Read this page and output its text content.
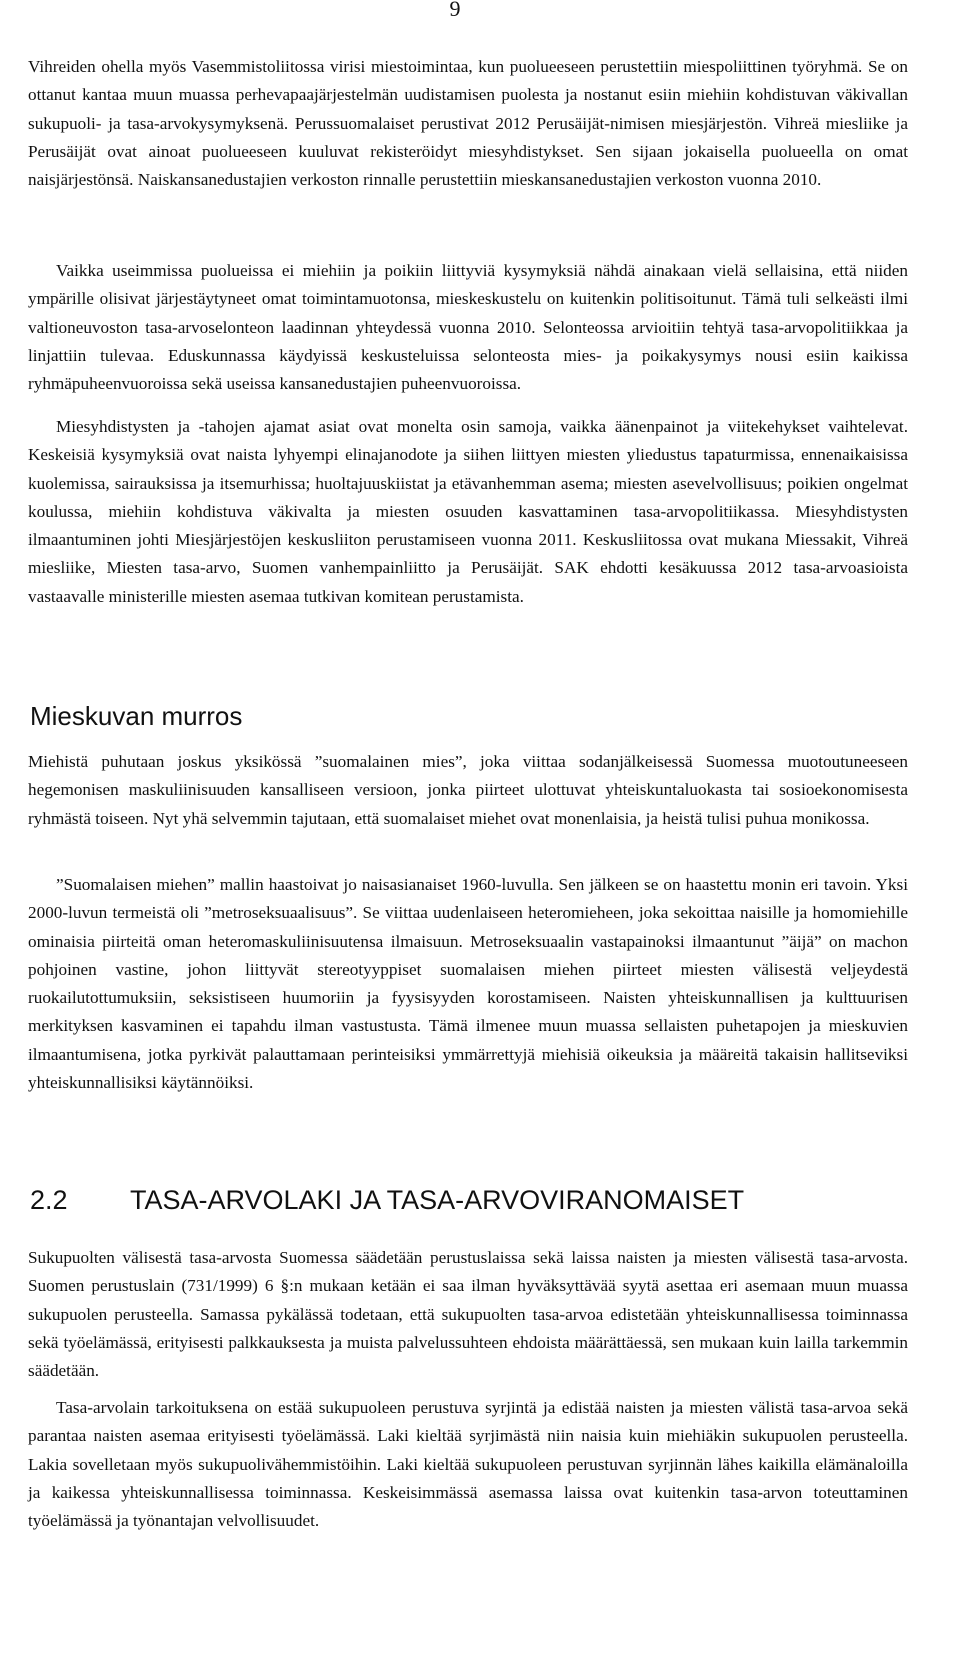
9

Vihreiden ohella myös Vasemmistoliitossa virisi miestoimintaa, kun puolueeseen perustettiin miespoliittinen työryhmä. Se on ottanut kantaa muun muassa perhevapaajärjestelmän uudistamisen puolesta ja nostanut esiin miehiin kohdistuvan väkivallan sukupuoli- ja tasa-arvokysymyksenä. Perussuomalaiset perustivat 2012 Perusäijät-nimisen miesjärjestön. Vihreä miesliike ja Perusäijät ovat ainoat puolueeseen kuuluvat rekisteröidyt miesyhdistykset. Sen sijaan jokaisella puolueella on omat naisjärjestönsä. Naiskansanedustajien verkoston rinnalle perustettiin mieskansanedustajien verkoston vuonna 2010.

Vaikka useimmissa puolueissa ei miehiin ja poikiin liittyviä kysymyksiä nähdä ainakaan vielä sellaisina, että niiden ympärille olisivat järjestäytyneet omat toimintamuotonsa, mieskeskustelu on kuitenkin politisoitunut. Tämä tuli selkeästi ilmi valtioneuvoston tasa-arvoselonteon laadinnan yhteydessä vuonna 2010. Selonteossa arvioitiin tehtyä tasa-arvopolitiikkaa ja linjattiin tulevaa. Eduskunnassa käydyissä keskusteluissa selonteosta mies- ja poikakysymys nousi esiin kaikissa ryhmäpuheenvuoroissa sekä useissa kansanedustajien puheenvuoroissa.

Miesyhdistysten ja -tahojen ajamat asiat ovat monelta osin samoja, vaikka äänenpainot ja viitekehykset vaihtelevat. Keskeisiä kysymyksiä ovat naista lyhyempi elinajanodote ja siihen liittyen miesten yliedustus tapaturmissa, ennenaikaisissa kuolemissa, sairauksissa ja itsemurhissa; huoltajuuskiistat ja etävanhemman asema; miesten asevelvollisuus; poikien ongelmat koulussa, miehiin kohdistuva väkivalta ja miesten osuuden kasvattaminen tasa-arvopolitiikassa. Miesyhdistysten ilmaantuminen johti Miesjärjestöjen keskusliiton perustamiseen vuonna 2011. Keskusliitossa ovat mukana Miessakit, Vihreä miesliike, Miesten tasa-arvo, Suomen vanhempainliitto ja Perusäijät. SAK ehdotti kesäkuussa 2012 tasa-arvoasioista vastaavalle ministerille miesten asemaa tutkivan komitean perustamista.

Mieskuvan murros

Miehistä puhutaan joskus yksikössä ”suomalainen mies”, joka viittaa sodanjälkeisessä Suomessa muotoutuneeseen hegemonisen maskuliinisuuden kansalliseen versioon, jonka piirteet ulottuvat yhteiskuntaluokasta tai sosioekonomisesta ryhmästä toiseen. Nyt yhä selvemmin tajutaan, että suomalaiset miehet ovat monenlaisia, ja heistä tulisi puhua monikossa.

”Suomalaisen miehen” mallin haastoivat jo naisasianaiset 1960-luvulla. Sen jälkeen se on haastettu monin eri tavoin. Yksi 2000-luvun termeistä oli ”metroseksuaalisuus”. Se viittaa uudenlaiseen heteromieheen, joka sekoittaa naisille ja homomiehille ominaisia piirteitä oman heteromaskuliinisuutensa ilmaisuun. Metroseksuaalin vastapainoksi ilmaantunut ”äijä” on machon pohjoinen vastine, johon liittyvät stereotyyppiset suomalaisen miehen piirteet miesten välisestä veljeydestä ruokailutottumuksiin, seksistiseen huumoriin ja fyysisyyden korostamiseen. Naisten yhteiskunnallisen ja kulttuurisen merkityksen kasvaminen ei tapahdu ilman vastustusta. Tämä ilmenee muun muassa sellaisten puhetapojen ja mieskuvien ilmaantumisena, jotka pyrkivät palauttamaan perinteisiksi ymmärrettyjä miehisiä oikeuksia ja määreitä takaisin hallitseviksi yhteiskunnallisiksi käytännöiksi.

2.2 TASA-ARVOLAKI JA TASA-ARVOVIRANOMAISET

Sukupuolten välisestä tasa-arvosta Suomessa säädetään perustuslaissa sekä laissa naisten ja miesten välisestä tasa-arvosta. Suomen perustuslain (731/1999) 6 §:n mukaan ketään ei saa ilman hyväksyttävää syytä asettaa eri asemaan muun muassa sukupuolen perusteella. Samassa pykälässä todetaan, että sukupuolten tasa-arvoa edistetään yhteiskunnallisessa toiminnassa sekä työelämässä, erityisesti palkkauksesta ja muista palvelussuhteen ehdoista määrättäessä, sen mukaan kuin lailla tarkemmin säädetään.

Tasa-arvolain tarkoituksena on estää sukupuoleen perustuva syrjintä ja edistää naisten ja miesten välistä tasa-arvoa sekä parantaa naisten asemaa erityisesti työelämässä. Laki kieltää syrjimästä niin naisia kuin miehiäkin sukupuolen perusteella. Lakia sovelletaan myös sukupuolivähemmistöihin. Laki kieltää sukupuoleen perustuvan syrjinnän lähes kaikilla elämänaloilla ja kaikessa yhteiskunnallisessa toiminnassa. Keskeisimmässä asemassa laissa ovat kuitenkin tasa-arvon toteuttaminen työelämässä ja työnantajan velvollisuudet.
